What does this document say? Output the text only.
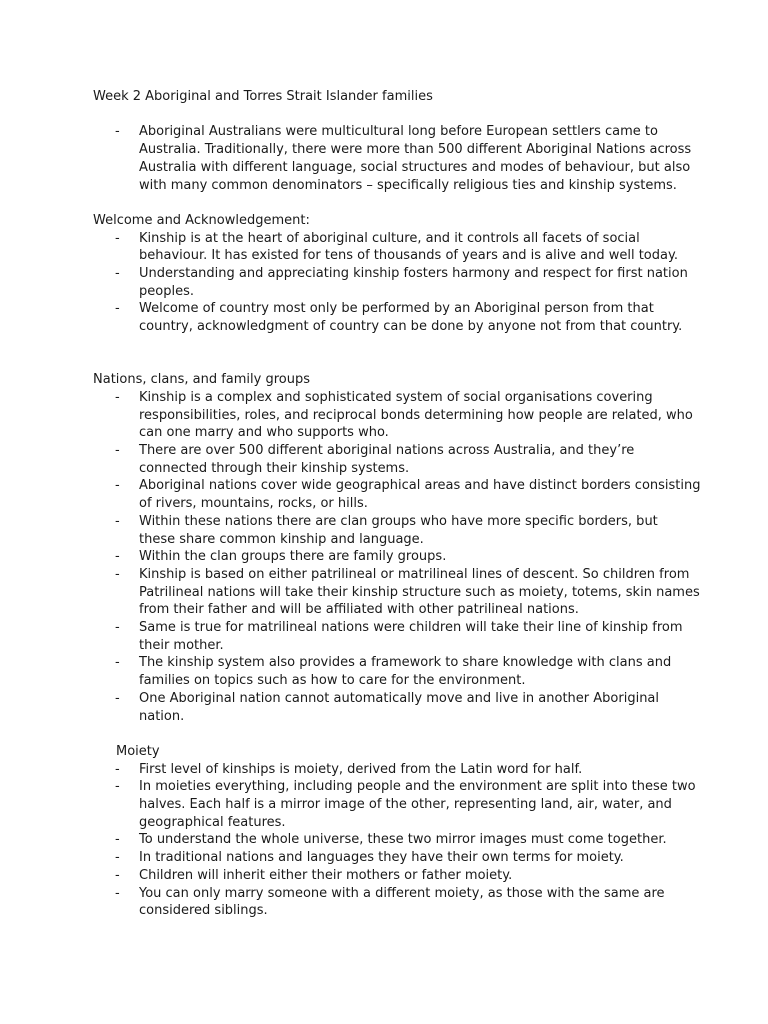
Week 2 Aboriginal and Torres Strait Islander families
- Aboriginal Australians were multicultural long before European settlers came to
Australia. Traditionally, there were more than 500 different Aboriginal Nations across
Australia with different language, social structures and modes of behaviour, but also
with many common denominators – specifically religious ties and kinship systems.
Welcome and Acknowledgement:
- Kinship is at the heart of aboriginal culture, and it controls all facets of social
behaviour. It has existed for tens of thousands of years and is alive and well today.
- Understanding and appreciating kinship fosters harmony and respect for first nation
peoples.
- Welcome of country most only be performed by an Aboriginal person from that
country, acknowledgment of country can be done by anyone not from that country.
Nations, clans, and family groups
- Kinship is a complex and sophisticated system of social organisations covering
responsibilities, roles, and reciprocal bonds determining how people are related, who
can one marry and who supports who.
- There are over 500 different aboriginal nations across Australia, and they’re
connected through their kinship systems.
- Aboriginal nations cover wide geographical areas and have distinct borders consisting
of rivers, mountains, rocks, or hills.
- Within these nations there are clan groups who have more specific borders, but
these share common kinship and language.
- Within the clan groups there are family groups.
- Kinship is based on either patrilineal or matrilineal lines of descent. So children from
Patrilineal nations will take their kinship structure such as moiety, totems, skin names
from their father and will be affiliated with other patrilineal nations.
- Same is true for matrilineal nations were children will take their line of kinship from
their mother.
- The kinship system also provides a framework to share knowledge with clans and
families on topics such as how to care for the environment.
- One Aboriginal nation cannot automatically move and live in another Aboriginal
nation.
Moiety
- First level of kinships is moiety, derived from the Latin word for half.
- In moieties everything, including people and the environment are split into these two
halves. Each half is a mirror image of the other, representing land, air, water, and
geographical features.
- To understand the whole universe, these two mirror images must come together.
- In traditional nations and languages they have their own terms for moiety.
- Children will inherit either their mothers or father moiety.
- You can only marry someone with a different moiety, as those with the same are
considered siblings.
